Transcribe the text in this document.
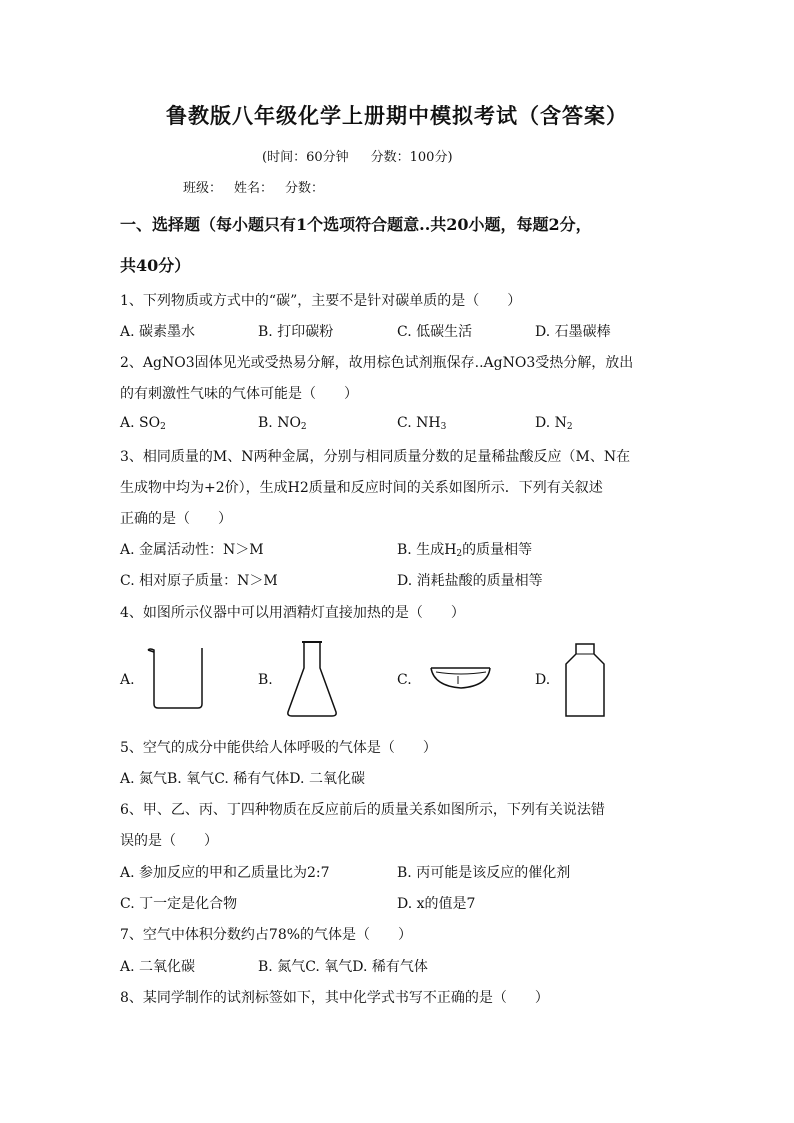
鲁教版八年级化学上册期中模拟考试（含答案）
(时间：60分钟 分数：100分)
班级： 姓名： 分数：
一、选择题（每小题只有1个选项符合题意..共20小题，每题2分，
共40分）
1、下列物质或方式中的“碳”，主要不是针对碳单质的是（　　）
A. 碳素墨水	B. 打印碳粉	C. 低碳生活	D. 石墨碳棒
2、AgNO3固体见光或受热易分解，故用棕色试剂瓶保存..AgNO3受热分解，放出
的有刺激性气味的气体可能是（　　）
A. $SO_2$	B. $NO_2$	C. $NH_3$	D. $N_2$
3、相同质量的M、N两种金属，分别与相同质量分数的足量稀盐酸反应（M、N在
生成物中均为+2价），生成H2质量和反应时间的关系如图所示．下列有关叙述
正确的是（　　）
A. 金属活动性：N＞M	B. 生成$H_2$的质量相等
C. 相对原子质量：N＞M	D. 消耗盐酸的质量相等
4、如图所示仪器中可以用酒精灯直接加热的是（　　）
A.	B.	C.	D.
5、空气的成分中能供给人体呼吸的气体是（　　）
A. 氮气B. 氧气C. 稀有气体D. 二氧化碳
6、甲、乙、丙、丁四种物质在反应前后的质量关系如图所示，下列有关说法错
误的是（　　）
A. 参加反应的甲和乙质量比为2:7	B. 丙可能是该反应的催化剂
C. 丁一定是化合物	D. x的值是7
7、空气中体积分数约占78%的气体是（　　）
A. 二氧化碳	B. 氮气C. 氧气D. 稀有气体
8、某同学制作的试剂标签如下，其中化学式书写不正确的是（　　）
